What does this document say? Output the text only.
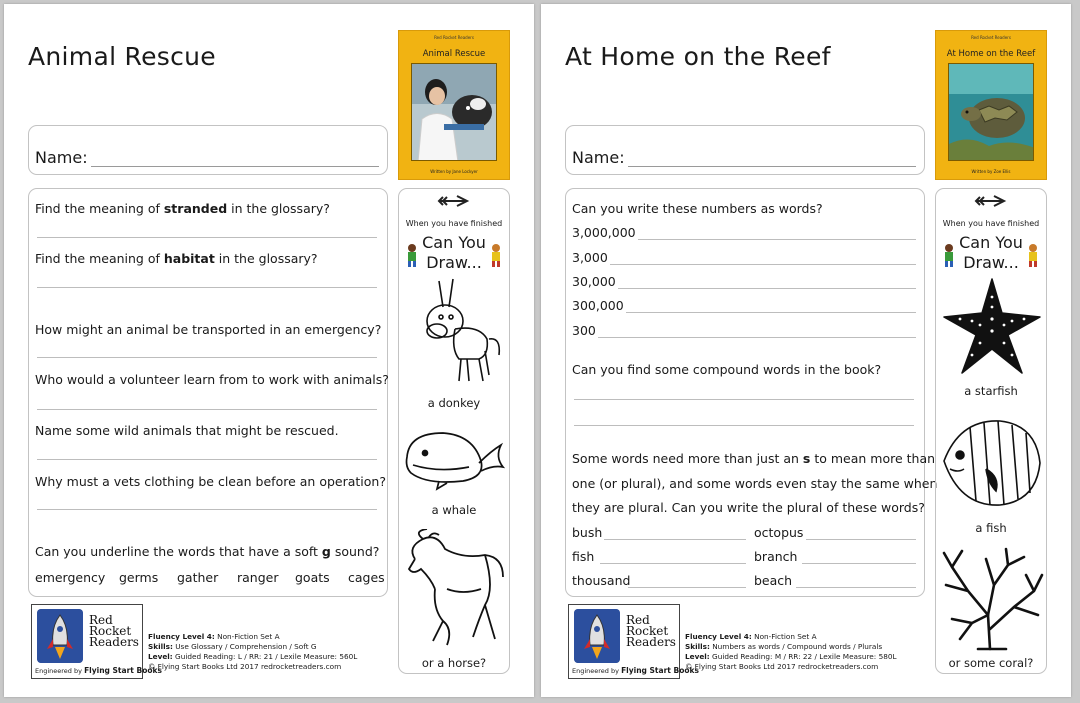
Animal Rescue
Red Rocket Readers
Animal Rescue
Written by Jane Lockyer
Name:
Find the meaning of stranded in the glossary?
Find the meaning of habitat in the glossary?
How might an animal be transported in an emergency?
Who would a volunteer learn from to work with animals?
Name some wild animals that might be rescued.
Why must a vets clothing be clean before an operation?
Can you underline the words that have a soft g sound?
emergency germs gather ranger goats cages
When you have finished
Can You
Draw...
a donkey
a whale
or a horse?
Red
Rocket
Readers
Engineered by Flying Start Books
Fluency Level 4: Non-Fiction Set A
Skills: Use Glossary / Comprehension / Soft G
Level: Guided Reading: L / RR: 21 / Lexile Measure: 560L
© Flying Start Books Ltd 2017 redrocketreaders.com
At Home on the Reef
Red Rocket Readers
At Home on the Reef
Written by Zoe Ellis
Name:
Can you write these numbers as words?
3,000,000
3,000
30,000
300,000
300
Can you find some compound words in the book?
Some words need more than just an s to mean more than
one (or plural), and some words even stay the same when
they are plural. Can you write the plural of these words?
bush	octopus
fish	branch
thousand	beach
When you have finished
Can You
Draw...
a starfish
a fish
or some coral?
Red
Rocket
Readers
Engineered by Flying Start Books
Fluency Level 4: Non-Fiction Set A
Skills: Numbers as words / Compound words / Plurals
Level: Guided Reading: M / RR: 22 / Lexile Measure: 580L
© Flying Start Books Ltd 2017 redrocketreaders.com
